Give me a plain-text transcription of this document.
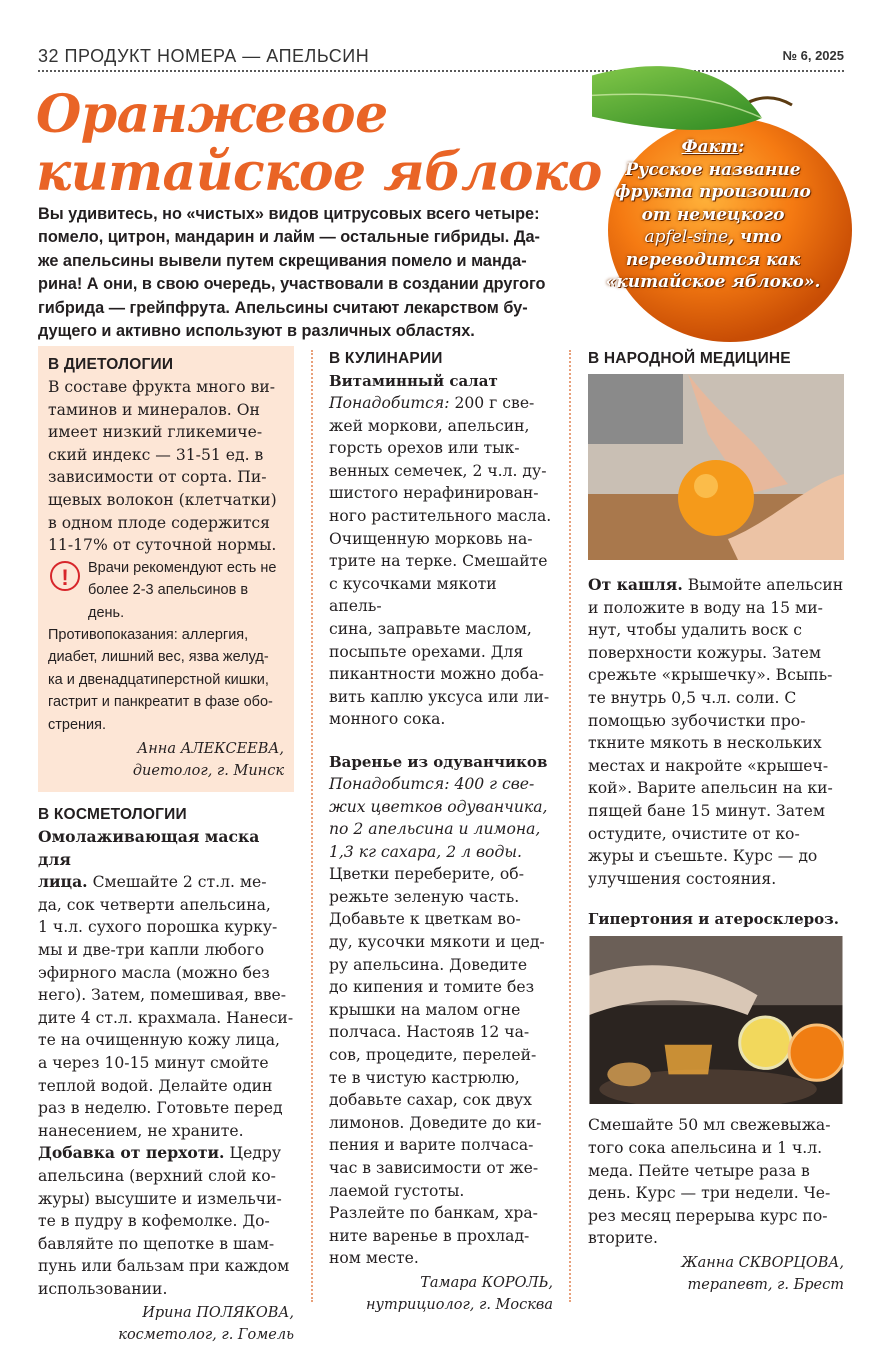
32 ПРОДУКТ НОМЕРА — АПЕЛЬСИН	№ 6, 2025
Факт:
Русское название фрукта произошло от немецкого
apfel-sine, что переводится как «китайское яблоко».
Оранжевое
китайское яблоко

Вы удивитесь, но «чистых» видов цитрусовых всего четыре:
помело, цитрон, мандарин и лайм — остальные гибриды. Да-
же апельсины вывели путем скрещивания помело и манда-
рина! А они, в свою очередь, участвовали в создании другого
гибрида — грейпфрута. Апельсины считают лекарством бу-
дущего и активно используют в различных областях.

В ДИЕТОЛОГИИ

В составе фрукта много ви-
таминов и минералов. Он
имеет низкий гликемиче-
ский индекс — 31-51 ед. в
зависимости от сорта. Пи-
щевых волокон (клетчатки)
в одном плоде содержится
11-17% от суточной нормы.

!	Врачи рекомендуют есть не
более 2-3 апельсинов в день.

Противопоказания: аллергия,
диабет, лишний вес, язва желуд-
ка и двенадцатиперстной кишки,
гастрит и панкреатит в фазе обо-
стрения.

Анна АЛЕКСЕЕВА,
диетолог, г. Минск

В КОСМЕТОЛОГИИ

Омолаживающая маска для
лица. Смешайте 2 ст.л. ме-
да, сок четверти апельсина,
1 ч.л. сухого порошка курку-
мы и две-три капли любого
эфирного масла (можно без
него). Затем, помешивая, вве-
дите 4 ст.л. крахмала. Нанеси-
те на очищенную кожу лица,
а через 10-15 минут смойте
теплой водой. Делайте один
раз в неделю. Готовьте перед
нанесением, не храните.

Добавка от перхоти. Цедру
апельсина (верхний слой ко-
журы) высушите и измельчи-
те в пудру в кофемолке. До-
бавляйте по щепотке в шам-
пунь или бальзам при каждом
использовании.

Ирина ПОЛЯКОВА,
косметолог, г. Гомель

В КУЛИНАРИИ

Витаминный салат

Понадобится: 200 г све-
жей моркови, апельсин,
горсть орехов или тык-
венных семечек, 2 ч.л. ду-
шистого нерафинирован-
ного растительного масла.
Очищенную морковь на-
трите на терке. Смешайте
с кусочками мякоти апель-
сина, заправьте маслом,
посыпьте орехами. Для
пикантности можно доба-
вить каплю уксуса или ли-
монного сока.

Варенье из одуванчиков

Понадобится: 400 г све-
жих цветков одуванчика,
по 2 апельсина и лимона,
1,3 кг сахара, 2 л воды.

Цветки переберите, об-
режьте зеленую часть.
Добавьте к цветкам во-
ду, кусочки мякоти и цед-
ру апельсина. Доведите
до кипения и томите без
крышки на малом огне
полчаса. Настояв 12 ча-
сов, процедите, перелей-
те в чистую кастрюлю,
добавьте сахар, сок двух
лимонов. Доведите до ки-
пения и варите полчаса-
час в зависимости от же-
лаемой густоты.
Разлейте по банкам, хра-
ните варенье в прохлад-
ном месте.

Тамара КОРОЛЬ,
нутрициолог, г. Москва

В НАРОДНОЙ МЕДИЦИНЕ

От кашля. Вымойте апельсин
и положите в воду на 15 ми-
нут, чтобы удалить воск с
поверхности кожуры. Затем
срежьте «крышечку». Всыпь-
те внутрь 0,5 ч.л. соли. С
помощью зубочистки про-
ткните мякоть в нескольких
местах и накройте «крышеч-
кой». Варите апельсин на ки-
пящей бане 15 минут. Затем
остудите, очистите от ко-
журы и съешьте. Курс — до
улучшения состояния.

Гипертония и атеросклероз.

Смешайте 50 мл свежевыжа-
того сока апельсина и 1 ч.л.
меда. Пейте четыре раза в
день. Курс — три недели. Че-
рез месяц перерыва курс по-
вторите.

Жанна СКВОРЦОВА,
терапевт, г. Брест
